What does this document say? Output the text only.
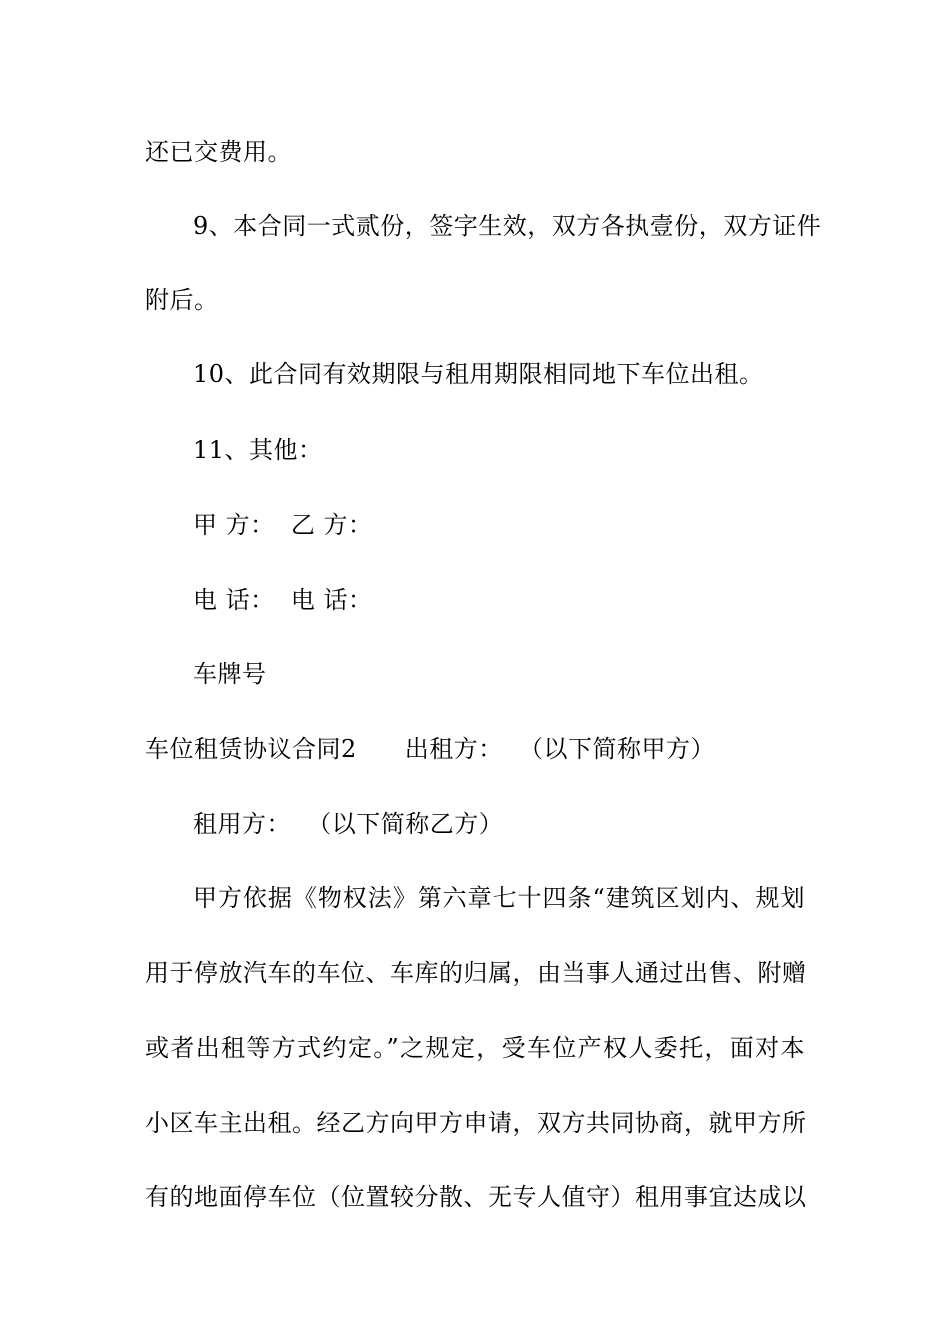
还已交费用。
9、本合同一式贰份，签字生效，双方各执壹份，双方证件
附后。
10、此合同有效期限与租用期限相同地下车位出租。
11、其他：
甲 方：  乙 方：
电 话：  电 话：
车牌号
车位租赁协议合同2 出租方：  （以下简称甲方）
租用方：  （以下简称乙方）
甲方依据《物权法》第六章七十四条“建筑区划内、规划
用于停放汽车的车位、车库的归属，由当事人通过出售、附赠
或者出租等方式约定。”之规定，受车位产权人委托，面对本
小区车主出租。经乙方向甲方申请，双方共同协商，就甲方所
有的地面停车位（位置较分散、无专人值守）租用事宜达成以
